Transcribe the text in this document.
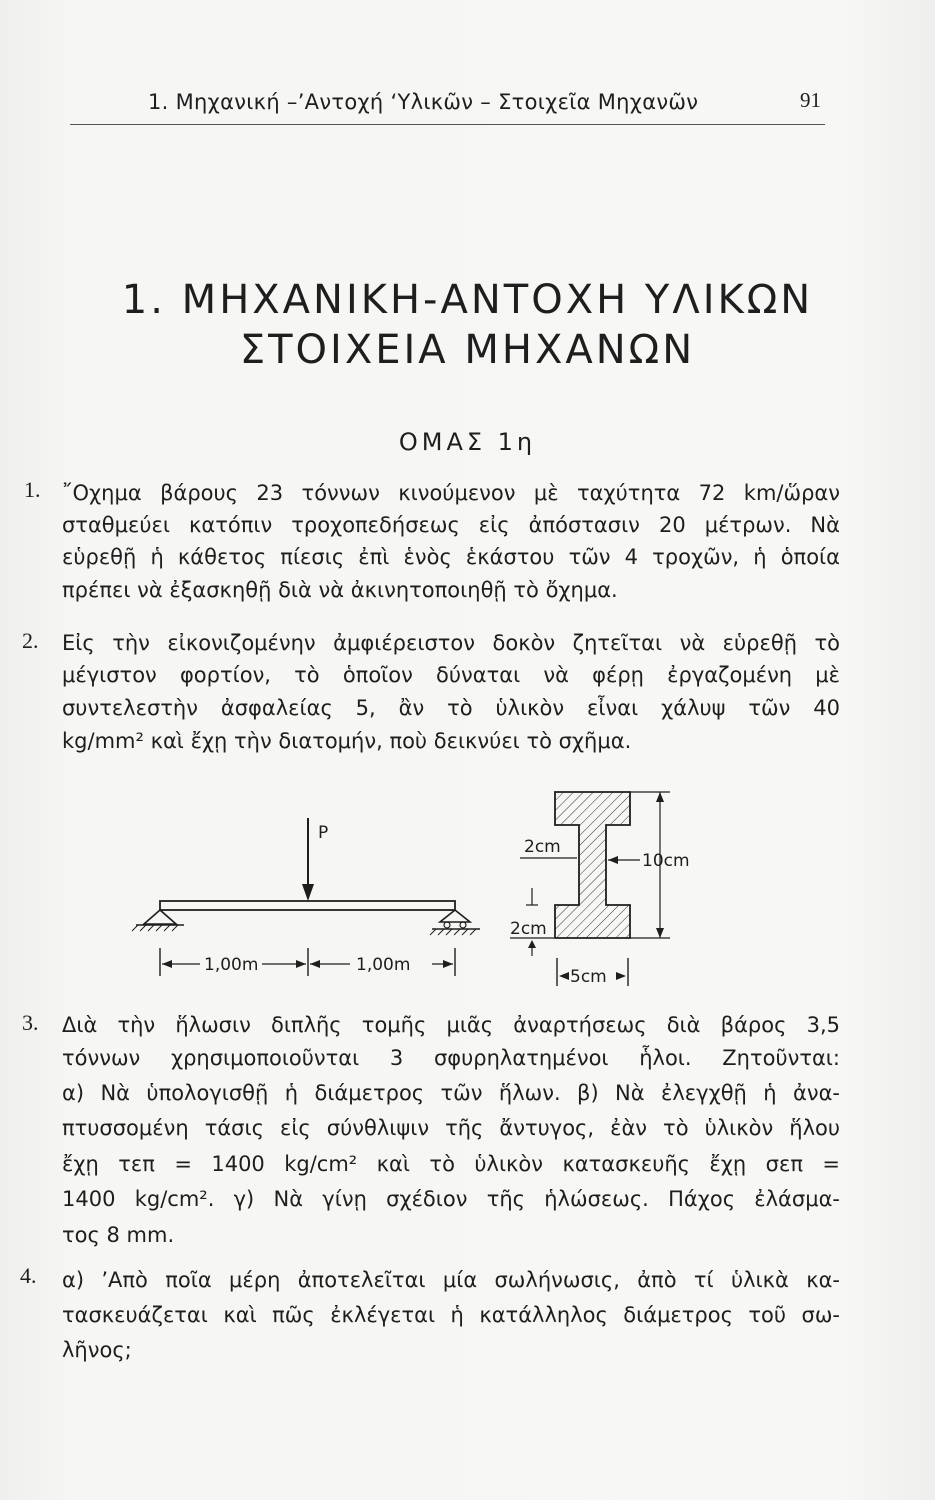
1. Μηχανική –’Αντοχή ‘Υλικῶν – Στοιχεῖα Μηχανῶν	91
1. ΜΗΧΑΝΙΚΗ-ΑΝΤΟΧΗ ΥΛΙΚΩΝ
ΣΤΟΙΧΕΙΑ ΜΗΧΑΝΩΝ
ΟΜΑΣ 1η
1. ῎Οχημα βάρους 23 τόννων κινούμενον μὲ ταχύτητα 72 km/ὥραν
σταθμεύει κατόπιν τροχοπεδήσεως εἰς ἀπόστασιν 20 μέτρων. Νὰ
εὑρεθῇ ἡ κάθετος πίεσις ἐπὶ ἑνὸς ἑκάστου τῶν 4 τροχῶν, ἡ ὁποία
πρέπει νὰ ἐξασκηθῇ διὰ νὰ ἀκινητοποιηθῇ τὸ ὄχημα.
2. Εἰς τὴν εἰκονιζομένην ἀμφιέρειστον δοκὸν ζητεῖται νὰ εὑρεθῇ τὸ
μέγιστον φορτίον, τὸ ὁποῖον δύναται νὰ φέρῃ ἐργαζομένη μὲ
συντελεστὴν ἀσφαλείας 5, ἂν τὸ ὑλικὸν εἶναι χάλυψ τῶν 40
kg/mm² καὶ ἔχῃ τὴν διατομήν, ποὺ δεικνύει τὸ σχῆμα.
P
1,00m	1,00m
2cm
2cm
10cm
5cm
3. Διὰ τὴν ἥλωσιν διπλῆς τομῆς μιᾶς ἀναρτήσεως διὰ βάρος 3,5
τόννων χρησιμοποιοῦνται 3 σφυρηλατημένοι ἧλοι. Ζητοῦνται:
α) Νὰ ὑπολογισθῇ ἡ διάμετρος τῶν ἥλων. β) Νὰ ἐλεγχθῇ ἡ ἀνα-
πτυσσομένη τάσις εἰς σύνθλιψιν τῆς ἄντυγος, ἐὰν τὸ ὑλικὸν ἥλου
ἔχῃ τεπ = 1400 kg/cm² καὶ τὸ ὑλικὸν κατασκευῆς ἔχῃ σεπ =
1400 kg/cm². γ) Νὰ γίνῃ σχέδιον τῆς ἡλώσεως. Πάχος ἐλάσμα-
τος 8 mm.
4. α) ’Απὸ ποῖα μέρη ἀποτελεῖται μία σωλήνωσις, ἀπὸ τί ὑλικὰ κα-
τασκευάζεται καὶ πῶς ἐκλέγεται ἡ κατάλληλος διάμετρος τοῦ σω-
λῆνος;
